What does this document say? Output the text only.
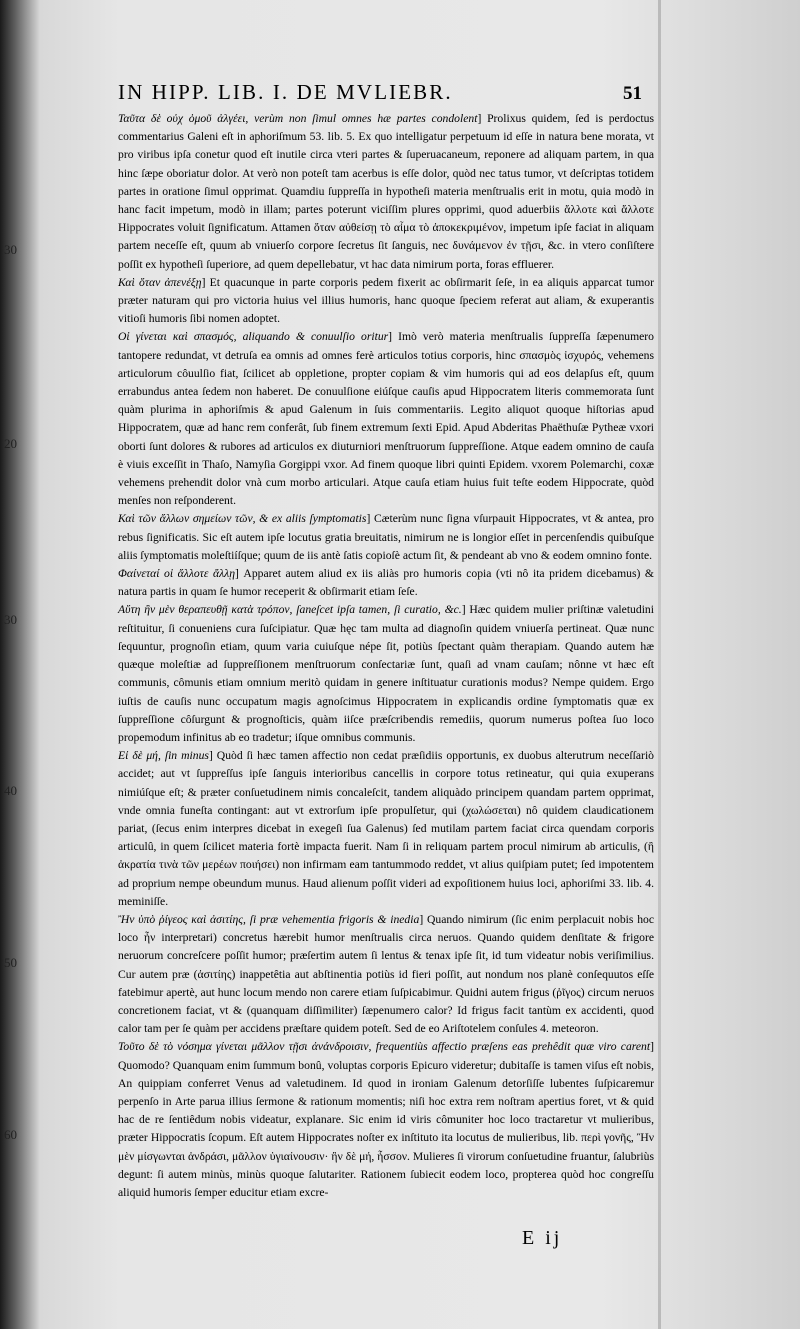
IN HIPP. LIB. I. DE MVLIEBR.	51
30
20
30
40
50
60

Ταῦτα δὲ οὐχ ὁμοῦ ἀλγέει, verùm non ſimul omnes hæ partes condolent] Prolixus quidem, ſed is perdoctus commentarius Galeni eſt in aphoriſmum 53. lib. 5. Ex quo intelligatur perpetuum id eſſe in natura bene morata, vt pro viribus ipſa conetur quod eſt inutile circa vteri partes & ſuperuacaneum, reponere ad aliquam partem, in qua hinc ſæpe oboriatur dolor. At verò non poteſt tam acerbus is eſſe dolor, quòd nec tatus tumor, vt deſcriptas totidem partes in oratione ſimul opprimat. Quamdiu ſuppreſſa in hypotheſi materia menſtrualis erit in motu, quia modò in hanc facit impetum, modò in illam; partes poterunt viciſſim plures opprimi, quod aduerbiis ἄλλοτε καὶ ἄλλοτε Hippocrates voluit ſignificatum. Attamen ὅταν αὐθείσῃ τὸ αἷμα τὸ ἀποκεκριμένον, impetum ipſe faciat in aliquam partem neceſſe eſt, quum ab vniuerſo corpore ſecretus ſit ſanguis, nec δυνάμενον ἐν τῇσι, &c. in vtero conſiſtere poſſit ex hypotheſi ſuperiore, ad quem depellebatur, vt hac data nimirum porta, foras effluerer.

Καὶ ὅταν ἀπενέξῃ] Et quacunque in parte corporis pedem fixerit ac obſirmarit ſeſe, in ea aliquis apparcat tumor præter naturam qui pro victoria huius vel illius humoris, hanc quoque ſpeciem referat aut aliam, & exuperantis vitioſi humoris ſibi nomen adoptet.

Οἱ γίνεται καὶ σπασμός, aliquando & conuulſio oritur] Imò verò materia menſtrualis ſuppreſſa ſæpenumero tantopere redundat, vt detruſa ea omnis ad omnes ferè articulos totius corporis, hinc σπασμὸς ἰσχυρός, vehemens articulorum côuulſio fiat, ſcilicet ab oppletione, propter copiam & vim humoris qui ad eos delapſus eſt, quum errabundus antea ſedem non haberet. De conuulſione eiúſque cauſis apud Hippocratem literis commemorata ſunt quàm plurima in aphoriſmis & apud Galenum in ſuis commentariis. Legito aliquot quoque hiſtorias apud Hippocratem, quæ ad hanc rem conferât, ſub finem extremum ſexti Epid. Apud Abderitas Phaëthuſæ Pytheæ vxori oborti ſunt dolores & rubores ad articulos ex diuturniori menſtruorum ſuppreſſione. Atque eadem omnino de cauſa è viuis exceſſit in Thaſo, Namyſia Gorgippi vxor. Ad finem quoque libri quinti Epidem. vxorem Polemarchi, coxæ vehemens prehendit dolor vnà cum morbo articulari. Atque cauſa etiam huius fuit teſte eodem Hippocrate, quòd menſes non reſponderent.

Καὶ τῶν ἄλλων σημείων τῶν, & ex aliis ſymptomatis] Cæterùm nunc ſigna vſurpauit Hippocrates, vt & antea, pro rebus ſignificatis. Sic eſt autem ipſe locutus gratia breuitatis, nimirum ne is longior eſſet in percenſendis quibuſque aliis ſymptomatis moleſtiíſque; quum de iis antè ſatis copioſè actum ſit, & pendeant ab vno & eodem omnino fonte.

Φαίνεταί οἱ ἄλλοτε ἄλλῃ] Apparet autem aliud ex iis aliàs pro humoris copia (vti nô ita pridem dicebamus) & natura partis in quam ſe humor receperit & obſirmarit etiam ſeſe.

Αὕτη ἢν μὲν θεραπευθῇ κατὰ τρόπον, ſaneſcet ipſa tamen, ſi curatio, &c.] Hæc quidem mulier priſtinæ valetudini reſtituitur, ſi conueniens cura ſuſcipiatur. Quæ hęc tam multa ad diagnoſin quidem vniuerſa pertineat. Quæ nunc ſequuntur, prognoſin etiam, quum varia cuiuſque népe ſit, potiùs ſpectant quàm therapiam. Quando autem hæ quæque moleſtiæ ad ſuppreſſionem menſtruorum conſectariæ ſunt, quaſi ad vnam cauſam; nônne vt hæc eſt communis, cômunis etiam omnium meritò quidam in genere inſtituatur curationis modus? Nempe quidem. Ergo iuſtis de cauſis nunc occupatum magis agnoſcimus Hippocratem in explicandis ordine ſymptomatis quæ ex ſuppreſſione côſurgunt & prognoſticis, quàm iiſce præſcribendis remediis, quorum numerus poſtea ſuo loco propemodum infinitus ab eo tradetur; iſque omnibus communis.

Εἰ δὲ μή, ſin minus] Quòd ſi hæc tamen affectio non cedat præſidiis opportunis, ex duobus alterutrum neceſſariò accidet; aut vt ſuppreſſus ipſe ſanguis interioribus cancellis in corpore totus retineatur, qui quia exuperans nimiúſque eſt; & præter conſuetudinem nimis concaleſcit, tandem aliquàdo principem quandam partem opprimat, vnde omnia funeſta contingant: aut vt extrorſum ipſe propulſetur, qui (χωλώσεται) nô quidem claudicationem pariat, (ſecus enim interpres dicebat in exegeſi ſua Galenus) ſed mutilam partem faciat circa quendam corporis articulû, in quem ſcilicet materia fortè impacta fuerit. Nam ſi in reliquam partem procul nimirum ab articulis, (ἢ ἀκρατία τινὰ τῶν μερέων ποιήσει) non infirmam eam tantummodo reddet, vt alius quiſpiam putet; ſed impotentem ad proprium nempe obeundum munus. Haud alienum poſſit videri ad expoſitionem huius loci, aphoriſmi 33. lib. 4. meminiſſe.

Ἢν ὑπὸ ῥίγεος καὶ ἀσιτίης, ſi præ vehementia frigoris & inedia] Quando nimirum (ſic enim perplacuit nobis hoc loco ἦν interpretari) concretus hærebit humor menſtrualis circa neruos. Quando quidem denſitate & frigore neruorum concreſcere poſſit humor; præſertim autem ſi lentus & tenax ipſe ſit, id tum videatur nobis veriſimilius. Cur autem præ (ἀσιτίης) inappetêtia aut abſtinentia potiùs id fieri poſſit, aut nondum nos planè conſequutos eſſe fatebimur apertè, aut hunc locum mendo non carere etiam ſuſpicabimur. Quidni autem frigus (ῥῖγος) circum neruos concretionem faciat, vt & (quanquam diſſimiliter) ſæpenumero calor? Id frigus facit tantùm ex accidenti, quod calor tam per ſe quàm per accidens præſtare quidem poteſt. Sed de eo Ariſtotelem conſules 4. meteoron.

Τοῦτο δὲ τὸ νόσημα γίνεται μᾶλλον τῇσι ἀνάνδροισιν, frequentiùs affectio præſens eas prehêdit quæ viro carent] Quomodo? Quanquam enim ſummum bonû, voluptas corporis Epicuro videretur; dubitaſſe is tamen viſus eſt nobis, An quippiam conferret Venus ad valetudinem. Id quod in ironiam Galenum detorſiſſe lubentes ſuſpicaremur perpenſo in Arte parua illius ſermone & rationum momentis; niſi hoc extra rem noſtram apertius foret, vt & quid hac de re ſentiêdum nobis videatur, explanare. Sic enim id viris cômuniter hoc loco tractaretur vt mulieribus, præter Hippocratis ſcopum. Eſt autem Hippocrates noſter ex inſtituto ita locutus de mulieribus, lib. περὶ γονῆς, Ἢν μὲν μίσγωνται ἀνδράσι, μᾶλλον ὑγιαίνουσιν· ἢν δὲ μή, ἧσσον. Mulieres ſi virorum conſuetudine fruantur, ſalubriùs degunt: ſi autem minùs, minùs quoque ſalutariter. Rationem ſubiecit eodem loco, propterea quòd hoc congreſſu aliquid humoris ſemper educitur etiam excre-

E ij
